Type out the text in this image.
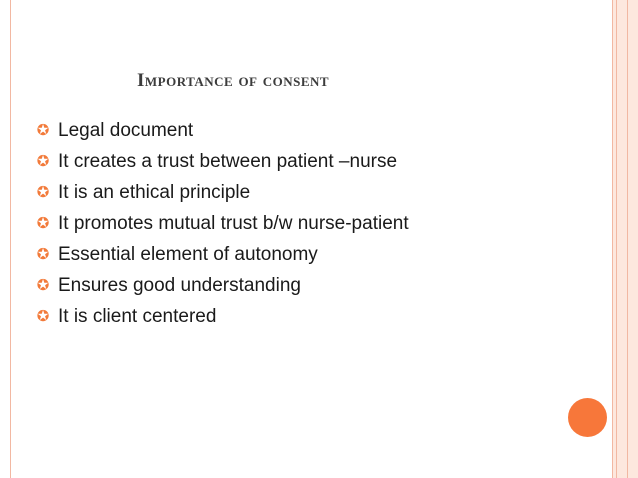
Importance of consent
✪ Legal document
✪ It creates a trust between patient –nurse
✪ It is an ethical principle
✪ It promotes mutual trust b/w nurse-patient
✪ Essential element of autonomy
✪ Ensures good understanding
✪ It is client centered
